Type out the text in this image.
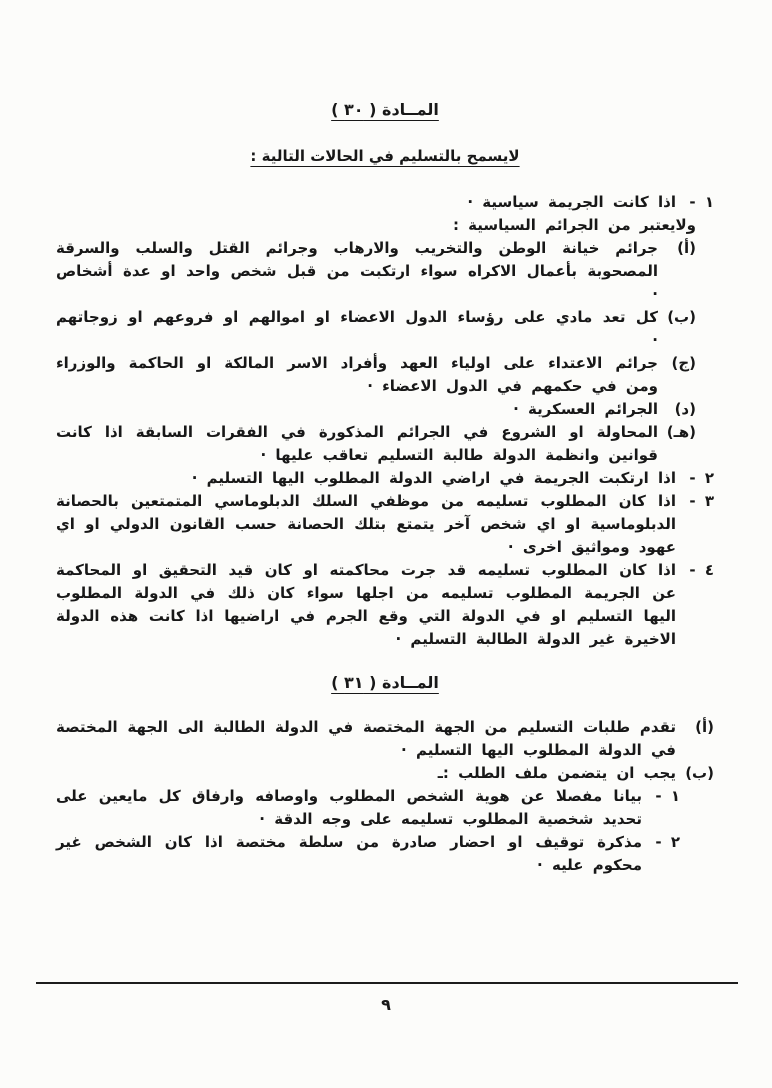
المــادة ( ٣٠ )
لايسمح بالتسليم في الحالات التالية :
١ -
اذا كانت الجريمة سياسية ·
ولايعتبر من الجرائم السياسية :
(أ)
جرائم خيانة الوطن والتخريب والارهاب وجرائم القتل والسلب والسرقة المصحوبة بأعمال الاكراه سواء ارتكبت من قبل شخص واحد او عدة أشخاص ·
(ب)
كل تعد مادي على رؤساء الدول الاعضاء او اموالهم او فروعهم او زوجاتهم ·
(ج)
جرائم الاعتداء على اولياء العهد وأفراد الاسر المالكة او الحاكمة والوزراء ومن في حكمهم في الدول الاعضاء ·
(د)
الجرائم العسكرية ·
(هـ)
المحاولة او الشروع في الجرائم المذكورة في الفقرات السابقة اذا كانت قوانين وانظمة الدولة طالبة التسليم تعاقب عليها ·
٢ -
اذا ارتكبت الجريمة في اراضي الدولة المطلوب اليها التسليم ·
٣ -
اذا كان المطلوب تسليمه من موظفي السلك الدبلوماسي المتمتعين بالحصانة الدبلوماسية او اي شخص آخر يتمتع بتلك الحصانة حسب القانون الدولي او اي عهود ومواثيق اخرى ·
٤ -
اذا كان المطلوب تسليمه قد جرت محاكمته او كان قيد التحقيق او المحاكمة عن الجريمة المطلوب تسليمه من اجلها سواء كان ذلك في الدولة المطلوب اليها التسليم او في الدولة التي وقع الجرم في اراضيها اذا كانت هذه الدولة الاخيرة غير الدولة الطالبة التسليم ·
المــادة ( ٣١ )
(أ)
تقدم طلبات التسليم من الجهة المختصة في الدولة الطالبة الى الجهة المختصة في الدولة المطلوب اليها التسليم ·
(ب)
يجب ان يتضمن ملف الطلب :ـ
١ -
بيانا مفصلا عن هوية الشخص المطلوب واوصافه وارفاق كل مايعين على تحديد شخصية المطلوب تسليمه على وجه الدقة ·
٢ -
مذكرة توقيف او احضار صادرة من سلطة مختصة اذا كان الشخص غير محكوم عليه ·
٩
